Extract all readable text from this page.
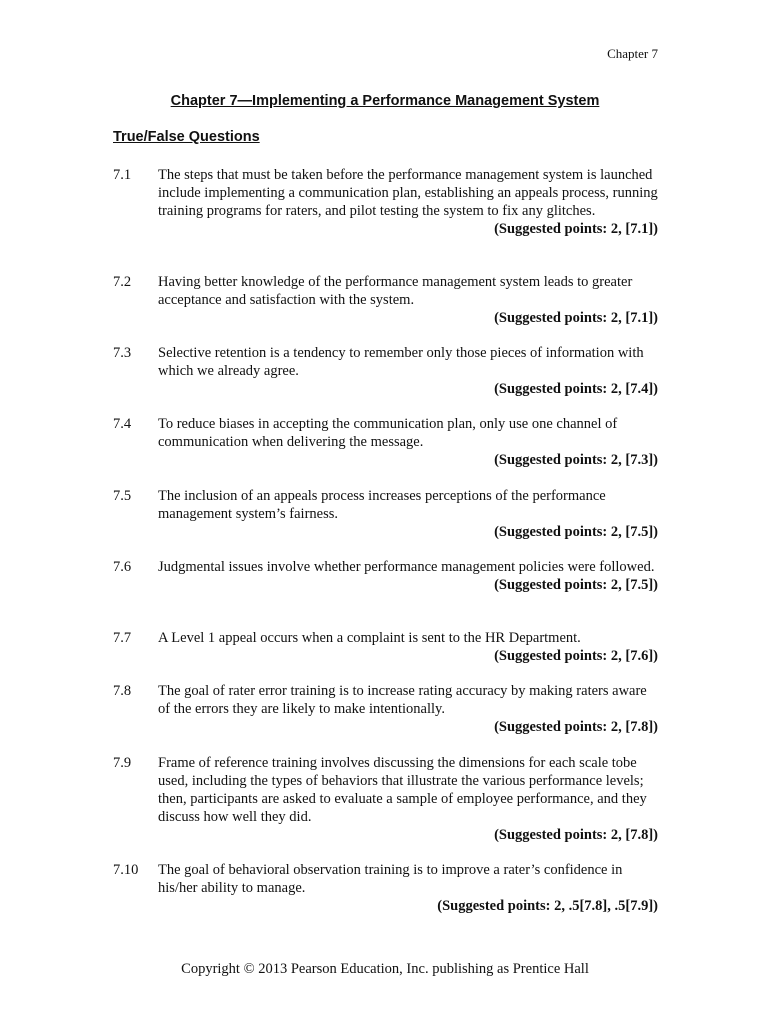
Chapter 7
Chapter 7—Implementing a Performance Management System
True/False Questions
7.1 The steps that must be taken before the performance management system is launched include implementing a communication plan, establishing an appeals process, running training programs for raters, and pilot testing the system to fix any glitches.
(Suggested points: 2, [7.1])
7.2 Having better knowledge of the performance management system leads to greater acceptance and satisfaction with the system.
(Suggested points: 2, [7.1])
7.3 Selective retention is a tendency to remember only those pieces of information with which we already agree.
(Suggested points: 2, [7.4])
7.4 To reduce biases in accepting the communication plan, only use one channel of communication when delivering the message.
(Suggested points: 2, [7.3])
7.5 The inclusion of an appeals process increases perceptions of the performance management system’s fairness.
(Suggested points: 2, [7.5])
7.6 Judgmental issues involve whether performance management policies were followed.
(Suggested points: 2, [7.5])
7.7 A Level 1 appeal occurs when a complaint is sent to the HR Department.
(Suggested points: 2, [7.6])
7.8 The goal of rater error training is to increase rating accuracy by making raters aware of the errors they are likely to make intentionally.
(Suggested points: 2, [7.8])
7.9 Frame of reference training involves discussing the dimensions for each scale tobe used, including the types of behaviors that illustrate the various performance levels; then, participants are asked to evaluate a sample of employee performance, and they discuss how well they did.
(Suggested points: 2, [7.8])
7.10 The goal of behavioral observation training is to improve a rater’s confidence in his/her ability to manage.
(Suggested points: 2, .5[7.8], .5[7.9])
Copyright © 2013 Pearson Education, Inc. publishing as Prentice Hall
